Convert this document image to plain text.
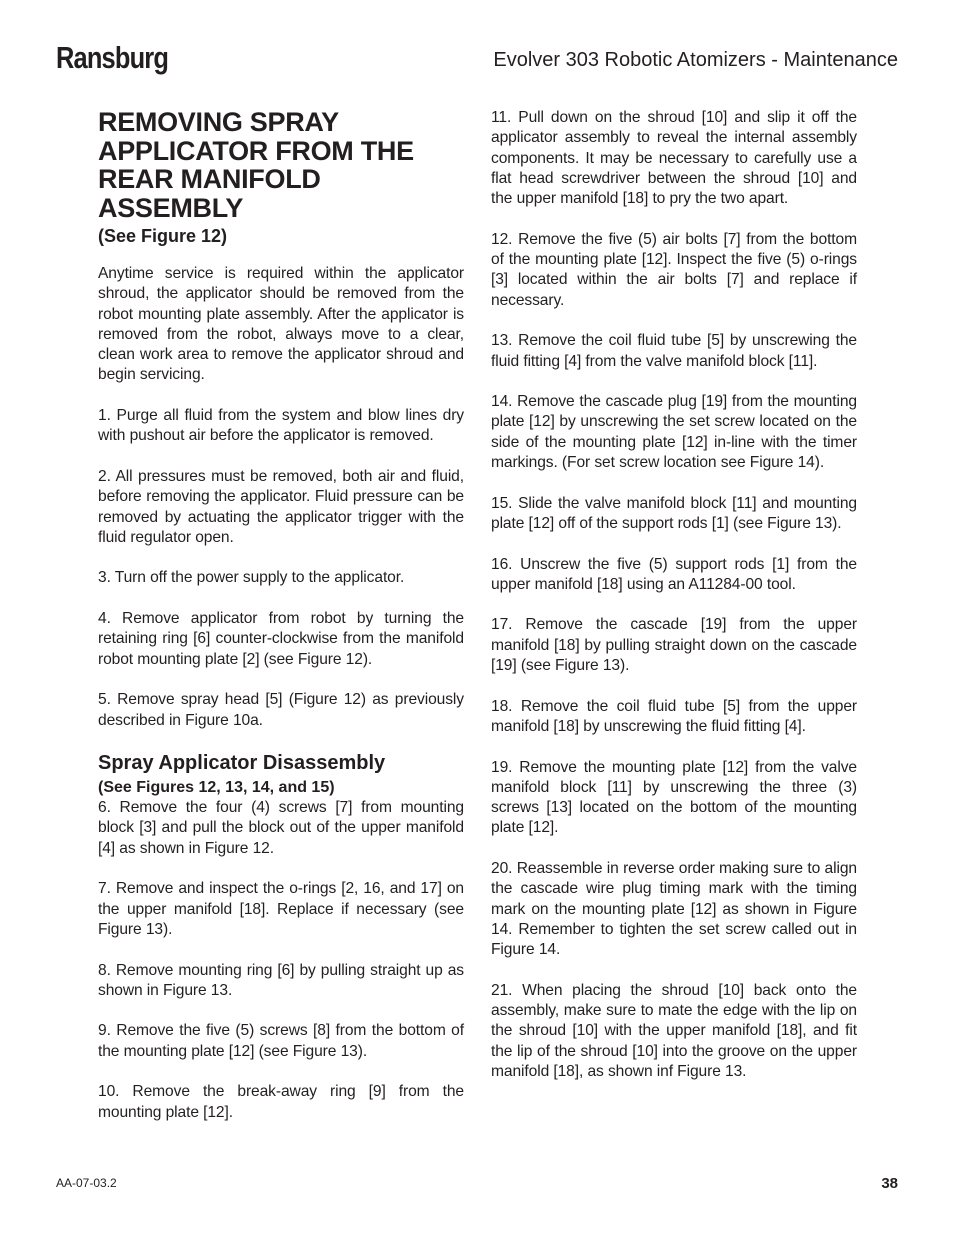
Ransburg	Evolver 303 Robotic Atomizers - Maintenance
REMOVING SPRAY APPLICATOR FROM THE REAR MANIFOLD ASSEMBLY
(See Figure 12)

Anytime service is required within the applicator shroud, the applicator should be removed from the robot mounting plate assembly. After the applicator is removed from the robot, always move to a clear, clean work area to remove the applicator shroud and begin servicing.

1. Purge all fluid from the system and blow lines dry with pushout air before the applicator is removed.

2. All pressures must be removed, both air and fluid, before removing the applicator. Fluid pressure can be removed by actuating the applicator trigger with the fluid regulator open.

3. Turn off the power supply to the applicator.

4. Remove applicator from robot by turning the retaining ring [6] counter-clockwise from the manifold robot mounting plate [2] (see Figure 12).

5. Remove spray head [5] (Figure 12) as previously described in Figure 10a.

Spray Applicator Disassembly
(See Figures 12, 13, 14, and 15)

6. Remove the four (4) screws [7] from mounting block [3] and pull the block out of the upper manifold [4] as shown in Figure 12.

7. Remove and inspect the o-rings [2, 16, and 17] on the upper manifold [18]. Replace if necessary (see Figure 13).

8. Remove mounting ring [6] by pulling straight up as shown in Figure 13.

9. Remove the five (5) screws [8] from the bottom of the mounting plate [12] (see Figure 13).

10. Remove the break-away ring [9] from the mounting plate [12].

11. Pull down on the shroud [10] and slip it off the applicator assembly to reveal the internal assembly components. It may be necessary to carefully use a flat head screwdriver between the shroud [10] and the upper manifold [18] to pry the two apart.

12. Remove the five (5) air bolts [7] from the bottom of the mounting plate [12]. Inspect the five (5) o-rings [3] located within the air bolts [7] and replace if necessary.

13. Remove the coil fluid tube [5] by unscrewing the fluid fitting [4] from the valve manifold block [11].

14. Remove the cascade plug [19] from the mounting plate [12] by unscrewing the set screw located on the side of the mounting plate [12] in-line with the timer markings. (For set screw location see Figure 14).

15. Slide the valve manifold block [11] and mounting plate [12] off of the support rods [1] (see Figure 13).

16. Unscrew the five (5) support rods [1] from the upper manifold [18] using an A11284-00 tool.

17. Remove the cascade [19] from the upper manifold [18] by pulling straight down on the cascade [19] (see Figure 13).

18. Remove the coil fluid tube [5] from the upper manifold [18] by unscrewing the fluid fitting [4].

19. Remove the mounting plate [12] from the valve manifold block [11] by unscrewing the three (3) screws [13] located on the bottom of the mounting plate [12].

20. Reassemble in reverse order making sure to align the cascade wire plug timing mark with the timing mark on the mounting plate [12] as shown in Figure 14. Remember to tighten the set screw called out in Figure 14.

21. When placing the shroud [10] back onto the assembly, make sure to mate the edge with the lip on the shroud [10] with the upper manifold [18], and fit the lip of the shroud [10] into the groove on the upper manifold [18], as shown inf Figure 13.

AA-07-03.2	38
